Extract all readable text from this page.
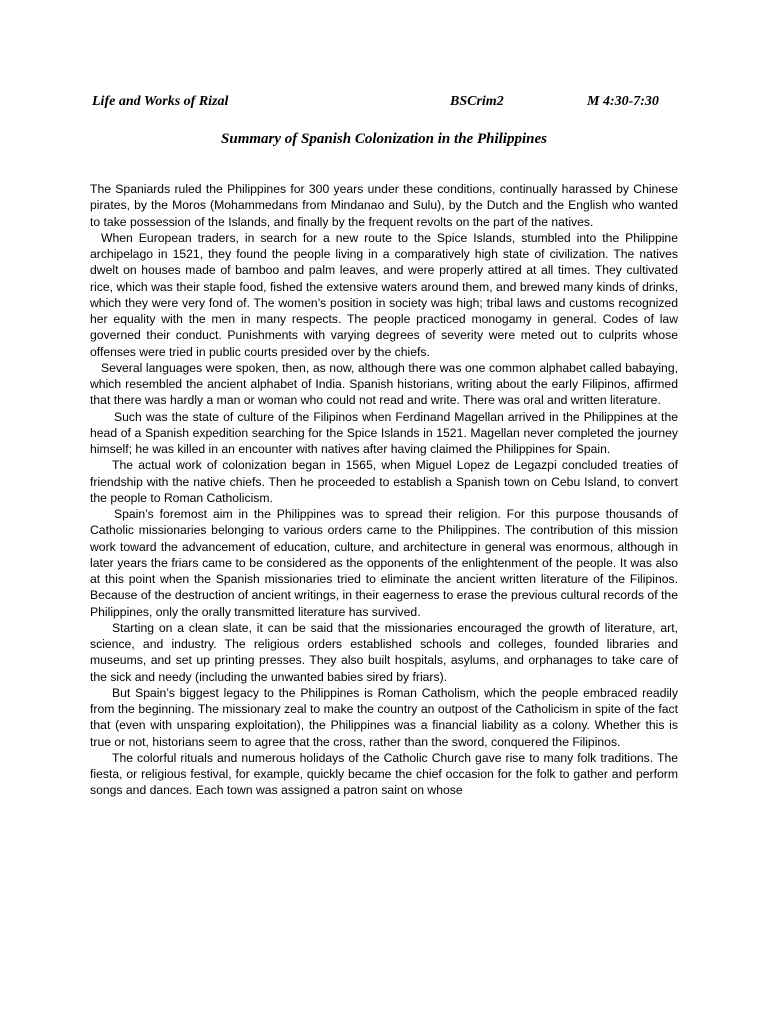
Life and Works of Rizal	BSCrim2	M 4:30-7:30
Summary of Spanish Colonization in the Philippines

The Spaniards ruled the Philippines for 300 years under these conditions, continually harassed by Chinese pirates, by the Moros (Mohammedans from Mindanao and Sulu), by the Dutch and the English who wanted to take possession of the Islands, and finally by the frequent revolts on the part of the natives.

When European traders, in search for a new route to the Spice Islands, stumbled into the Philippine archipelago in 1521, they found the people living in a comparatively high state of civilization. The natives dwelt on houses made of bamboo and palm leaves, and were properly attired at all times. They cultivated rice, which was their staple food, fished the extensive waters around them, and brewed many kinds of drinks, which they were very fond of. The women’s position in society was high; tribal laws and customs recognized her equality with the men in many respects. The people practiced monogamy in general. Codes of law governed their conduct. Punishments with varying degrees of severity were meted out to culprits whose offenses were tried in public courts presided over by the chiefs.

Several languages were spoken, then, as now, although there was one common alphabet called babaying, which resembled the ancient alphabet of India. Spanish historians, writing about the early Filipinos, affirmed that there was hardly a man or woman who could not read and write. There was oral and written literature.

Such was the state of culture of the Filipinos when Ferdinand Magellan arrived in the Philippines at the head of a Spanish expedition searching for the Spice Islands in 1521. Magellan never completed the journey himself; he was killed in an encounter with natives after having claimed the Philippines for Spain.

The actual work of colonization began in 1565, when Miguel Lopez de Legazpi concluded treaties of friendship with the native chiefs. Then he proceeded to establish a Spanish town on Cebu Island, to convert the people to Roman Catholicism.

Spain’s foremost aim in the Philippines was to spread their religion. For this purpose thousands of Catholic missionaries belonging to various orders came to the Philippines. The contribution of this mission work toward the advancement of education, culture, and architecture in general was enormous, although in later years the friars came to be considered as the opponents of the enlightenment of the people. It was also at this point when the Spanish missionaries tried to eliminate the ancient written literature of the Filipinos. Because of the destruction of ancient writings, in their eagerness to erase the previous cultural records of the Philippines, only the orally transmitted literature has survived.

Starting on a clean slate, it can be said that the missionaries encouraged the growth of literature, art, science, and industry. The religious orders established schools and colleges, founded libraries and museums, and set up printing presses. They also built hospitals, asylums, and orphanages to take care of the sick and needy (including the unwanted babies sired by friars).

But Spain’s biggest legacy to the Philippines is Roman Catholism, which the people embraced readily from the beginning. The missionary zeal to make the country an outpost of the Catholicism in spite of the fact that (even with unsparing exploitation), the Philippines was a financial liability as a colony. Whether this is true or not, historians seem to agree that the cross, rather than the sword, conquered the Filipinos.

The colorful rituals and numerous holidays of the Catholic Church gave rise to many folk traditions. The fiesta, or religious festival, for example, quickly became the chief occasion for the folk to gather and perform songs and dances. Each town was assigned a patron saint on whose
